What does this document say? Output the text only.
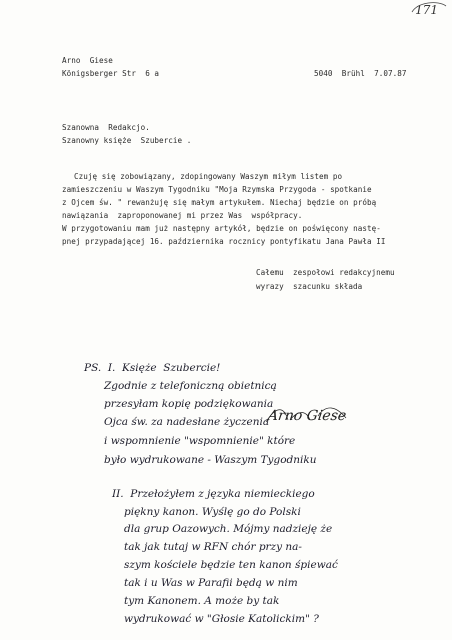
171
Arno  Giese
Königsberger Str  6 a	5040  Brühl  7.07.87
Szanowna  Redakcjo.
Szanowny księże  Szubercie .
Czuję się zobowiązany, zdopingowany Waszym miłym listem po
zamieszczeniu w Waszym Tygodniku "Moja Rzymska Przygoda - spotkanie
z Ojcem św. " rewanżuję się małym artykułem. Niechaj będzie on próbą
nawiązania  zaproponowanej mi przez Was  współpracy.
W przygotowaniu mam już następny artykół, będzie on poświęcony nastę-
pnej przypadającej 16. października rocznicy pontyfikatu Jana Pawła II
Całemu  zespołowi redakcyjnemu
wyrazy  szacunku składa
Arno Giese
PS.  I.  Księże  Szubercie!
Zgodnie z telefoniczną obietnicą
przesyłam kopię podziękowania
Ojca św. za nadesłane życzenia
i wspomnienie "wspomnienie" które
było wydrukowane - Waszym Tygodniku
II.  Przełożyłem z języka niemieckiego
piękny kanon. Wyślę go do Polski
dla grup Oazowych. Mójmy nadzieję że
tak jak tutaj w RFN chór przy na-
szym kościele będzie ten kanon śpiewać
tak i u Was w Parafii będą w nim
tym Kanonem. A może by tak
wydrukować w "Głosie Katolickim" ?
